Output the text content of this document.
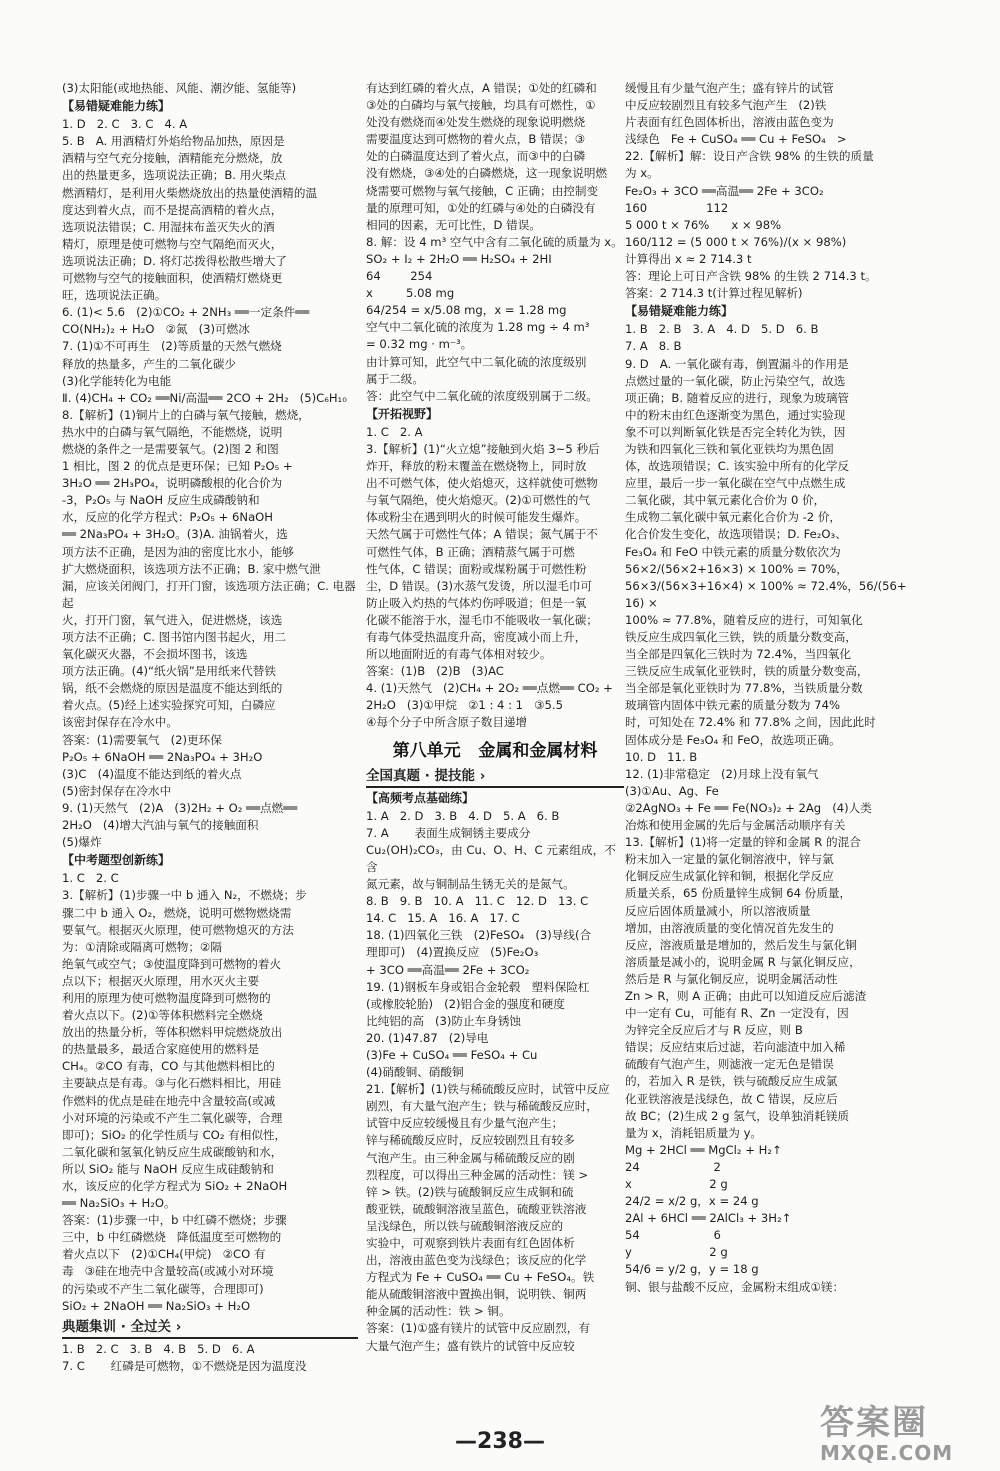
(3)太阳能(或地热能、风能、潮汐能、氢能等)
【易错疑难能力练】
1. D   2. C   3. C   4. A
5. B   A. 用酒精灯外焰给物品加热，原因是
酒精与空气充分接触，酒精能充分燃烧，放
出的热量更多，选项说法正确；B. 用火柴点
燃酒精灯，是利用火柴燃烧放出的热量使酒精的温
度达到着火点，而不是提高酒精的着火点，
选项说法错误；C. 用湿抹布盖灭失火的酒
精灯，原理是使可燃物与空气隔绝而灭火，
选项说法正确；D. 将灯芯拨得松散些增大了
可燃物与空气的接触面积，使酒精灯燃烧更
旺，选项说法正确。
6. (1)< 5.6   (2)①CO₂ + 2NH₃ ══一定条件══
CO(NH₂)₂ + H₂O   ②氮   (3)可燃冰
7. (1)①不可再生   (2)等质量的天然气燃烧
释放的热量多，产生的二氧化碳少
(3)化学能转化为电能
Ⅱ. (4)CH₄ + CO₂ ══Ni/高温══ 2CO + 2H₂   (5)C₆H₁₀
8.【解析】(1)铜片上的白磷与氧气接触，燃烧，
热水中的白磷与氧气隔绝，不能燃烧，说明
燃烧的条件之一是需要氧气。(2)图 2 和图
1 相比，图 2 的优点是更环保；已知 P₂O₅ +
3H₂O ══ 2H₃PO₄，说明磷酸根的化合价为
-3，P₂O₅ 与 NaOH 反应生成磷酸钠和
水，反应的化学方程式：P₂O₅ + 6NaOH
══ 2Na₃PO₄ + 3H₂O。(3)A. 油锅着火，选
项方法不正确，是因为油的密度比水小，能够
扩大燃烧面积，该选项方法不正确；B. 家中燃气泄
漏，应该关闭阀门，打开门窗，该选项方法正确；C. 电器起
火，打开门窗，氧气进入，促进燃烧，该选
项方法不正确；C. 图书馆内图书起火，用二
氧化碳灭火器，不会损坏图书，该选
项方法正确。(4)“纸火锅”是用纸来代替铁
锅，纸不会燃烧的原因是温度不能达到纸的
着火点。(5)经上述实验探究可知，白磷应
该密封保存在冷水中。
答案：(1)需要氧气   (2)更环保
P₂O₅ + 6NaOH ══ 2Na₃PO₄ + 3H₂O
(3)C   (4)温度不能达到纸的着火点
(5)密封保存在冷水中
9. (1)天然气   (2)A   (3)2H₂ + O₂ ══点燃══
2H₂O   (4)增大汽油与氧气的接触面积
(5)爆炸
【中考题型创新练】
1. C   2. C
3.【解析】(1)步骤一中 b 通入 N₂，不燃烧；步
骤二中 b 通入 O₂，燃烧，说明可燃物燃烧需
要氧气。根据灭火原理，使可燃物熄灭的方法
为：①清除或隔离可燃物；②隔
绝氧气或空气；③使温度降到可燃物的着火
点以下；根据灭火原理，用水灭火主要
利用的原理为使可燃物温度降到可燃物的
着火点以下。(2)①等体积燃料完全燃烧
放出的热量分析，等体积燃料甲烷燃烧放出
的热量最多，最适合家庭使用的燃料是
CH₄。②CO 有毒，CO 与其他燃料相比的
主要缺点是有毒。③与化石燃料相比，用硅
作燃料的优点是硅在地壳中含量较高(或减
小对环境的污染或不产生二氧化碳等，合理
即可)；SiO₂ 的化学性质与 CO₂ 有相似性，
二氧化碳和氢氧化钠反应生成碳酸钠和水，
所以 SiO₂ 能与 NaOH 反应生成硅酸钠和
水，该反应的化学方程式为 SiO₂ + 2NaOH
══ Na₂SiO₃ + H₂O。
答案：(1)步骤一中，b 中红磷不燃烧；步骤
三中，b 中红磷燃烧   降低温度至可燃物的
着火点以下   (2)①CH₄(甲烷)   ②CO 有
毒   ③硅在地壳中含量较高(或减小对环境
的污染或不产生二氧化碳等，合理即可)
SiO₂ + 2NaOH ══ Na₂SiO₃ + H₂O
典题集训 · 全过关 ›
1. B   2. C   3. B   4. B   5. D   6. A
7. C       红磷是可燃物，①不燃烧是因为温度没
有达到红磷的着火点，A 错误；①处的红磷和
③处的白磷均与氧气接触，均具有可燃性，①
处没有燃烧而④处发生燃烧的现象说明燃烧
需要温度达到可燃物的着火点，B 错误；③
处的白磷温度达到了着火点，而③中的白磷
没有燃烧，③④处的白磷燃烧，这一现象说明燃
烧需要可燃物与氧气接触，C 正确；由控制变
量的原理可知，①处的红磷与④处的白磷没有
相同的因素，无可比性，D 错误。
8. 解：设 4 m³ 空气中含有二氧化硫的质量为 x。
SO₂ + I₂ + 2H₂O ══ H₂SO₄ + 2HI
64        254
x         5.08 mg
64/254 = x/5.08 mg，x = 1.28 mg
空气中二氧化硫的浓度为 1.28 mg ÷ 4 m³
= 0.32 mg · m⁻³。
由计算可知，此空气中二氧化硫的浓度级别
属于二级。
答：此空气中二氧化硫的浓度级别属于二级。
【开拓视野】
1. C   2. A
3.【解析】(1)“火立熄”接触到火焰 3~5 秒后
炸开，释放的粉末覆盖在燃烧物上，同时放
出不可燃气体，使火焰熄灭，这样就使可燃物
与氧气隔绝，使火焰熄灭。(2)①可燃性的气
体或粉尘在遇到明火的时候可能发生爆炸。
天然气属于可燃性气体；A 错误；氮气属于不
可燃性气体，B 正确；酒精蒸气属于可燃
性气体，C 错误；面粉或煤粉属于可燃性粉
尘，D 错误。(3)水蒸气发烫，所以湿毛巾可
防止吸入灼热的气体灼伤呼吸道；但是一氧
化碳不能溶于水，湿毛巾不能吸收一氧化碳；
有毒气体受热温度升高，密度减小而上升，
所以地面附近的有毒气体相对较少。
答案：(1)B   (2)B   (3)AC
4. (1)天然气   (2)CH₄ + 2O₂ ══点燃══ CO₂ +
2H₂O   (3)①甲烷   ②1 : 4 : 1   ③5.5
④每个分子中所含原子数目递增
第八单元   金属和金属材料
全国真题 · 提技能 ›
【高频考点基础练】
1. A   2. D   3. B   4. D   5. A   6. B
7. A       表面生成铜锈主要成分
Cu₂(OH)₂CO₃，由 Cu、O、H、C 元素组成，不含
氮元素，故与铜制品生锈无关的是氮气。
8. B   9. B   10. A   11. C   12. D   13. C
14. C   15. A   16. A   17. C
18. (1)四氧化三铁   (2)FeSO₄   (3)导线(合
理即可)   (4)置换反应   (5)Fe₂O₃
+ 3CO ══高温══ 2Fe + 3CO₂
19. (1)钢板车身或铝合金轮毂   塑料保险杠
(或橡胶轮胎)   (2)铝合金的强度和硬度
比纯铝的高   (3)防止车身锈蚀
20. (1)47.87   (2)导电
(3)Fe + CuSO₄ ══ FeSO₄ + Cu
(4)硝酸铜、硝酸铜
21.【解析】(1)铁与稀硫酸反应时，试管中反应
剧烈，有大量气泡产生；铁与稀硫酸反应时，
试管中反应较缓慢且有少量气泡产生；
锌与稀硫酸反应时，反应较剧烈且有较多
气泡产生。由三种金属与稀硫酸反应的剧
烈程度，可以得出三种金属的活动性：镁 >
锌 > 铁。(2)铁与硫酸铜反应生成铜和硫
酸亚铁，硫酸铜溶液呈蓝色，硫酸亚铁溶液
呈浅绿色，所以铁与硫酸铜溶液反应的
实验中，可观察到铁片表面有红色固体析
出，溶液由蓝色变为浅绿色；该反应的化学
方程式为 Fe + CuSO₄ ══ Cu + FeSO₄。铁
能从硫酸铜溶液中置换出铜，说明铁、铜两
种金属的活动性：铁 > 铜。
答案：(1)①盛有镁片的试管中反应剧烈，有
大量气泡产生；盛有铁片的试管中反应较
缓慢且有少量气泡产生；盛有锌片的试管
中反应较剧烈且有较多气泡产生   (2)铁
片表面有红色固体析出，溶液由蓝色变为
浅绿色   Fe + CuSO₄ ══ Cu + FeSO₄   >
22.【解析】解：设日产含铁 98% 的生铁的质量
为 x。
Fe₂O₃ + 3CO ══高温══ 2Fe + 3CO₂
160                112
5 000 t × 76%      x × 98%
160/112 = (5 000 t × 76%)/(x × 98%)
计算得出 x ≈ 2 714.3 t
答：理论上可日产含铁 98% 的生铁 2 714.3 t。
答案：2 714.3 t(计算过程见解析)
【易错疑难能力练】
1. B   2. B   3. A   4. D   5. D   6. B
7. A   8. B
9. D   A. 一氧化碳有毒，倒置漏斗的作用是
点燃过量的一氧化碳，防止污染空气，故选
项正确；B. 随着反应的进行，现象为玻璃管
中的粉末由红色逐渐变为黑色，通过实验现
象不可以判断氧化铁是否完全转化为铁，因
为铁和四氧化三铁和氧化亚铁均为黑色固
体，故选项错误；C. 该实验中所有的化学反
应里，最后一步一氧化碳在空气中点燃生成
二氧化碳，其中氧元素化合价为 0 价，
生成物二氧化碳中氧元素化合价为 -2 价，
化合价发生变化，故选项错误；D. Fe₂O₃、
Fe₃O₄ 和 FeO 中铁元素的质量分数依次为
56×2/(56×2+16×3) × 100% = 70%，
56×3/(56×3+16×4) × 100% ≈ 72.4%，56/(56+16) ×
100% ≈ 77.8%，随着反应的进行，可知氧化
铁反应生成四氧化三铁，铁的质量分数变高，
当全部是四氧化三铁时为 72.4%，当四氧化
三铁反应生成氧化亚铁时，铁的质量分数变高，
当全部是氧化亚铁时为 77.8%，当铁质量分数
玻璃管内固体中铁元素的质量分数为 74%
时，可知处在 72.4% 和 77.8% 之间，因此此时
固体成分是 Fe₃O₄ 和 FeO，故选项正确。
10. D   11. B
12. (1)非常稳定   (2)月球上没有氧气
(3)①Au、Ag、Fe
②2AgNO₃ + Fe ══ Fe(NO₃)₂ + 2Ag   (4)人类
冶炼和使用金属的先后与金属活动顺序有关
13.【解析】(1)将一定量的锌和金属 R 的混合
粉末加入一定量的氯化铜溶液中，锌与氯
化铜反应生成氯化锌和铜，根据化学反应
质量关系，65 份质量锌生成铜 64 份质量，
反应后固体质量减小，所以溶液质量
增加，由溶液质量的变化情况首先发生的
反应，溶液质量是增加的，然后发生与氯化铜
溶质量是减小的，说明金属 R 与氯化铜反应，
然后是 R 与氯化铜反应，说明金属活动性
Zn > R，则 A 正确；由此可以知道反应后滤渣
中一定有 Cu，可能有 R、Zn 一定没有，因
为锌完全反应后才与 R 反应，则 B
错误；反应结束后过滤，若向滤渣中加入稀
硫酸有气泡产生，则滤液一定无色是错误
的，若加入 R 是铁，铁与硫酸反应生成氯
化亚铁溶液是浅绿色，故 C 错误，反应后
故 BC；(2)生成 2 g 氢气，设单独消耗镁质
量为 x，消耗铝质量为 y。
Mg + 2HCl ══ MgCl₂ + H₂↑
24                    2
x                     2 g
24/2 = x/2 g，x = 24 g
2Al + 6HCl ══ 2AlCl₃ + 3H₂↑
54                    6
y                     2 g
54/6 = y/2 g，y = 18 g
铜、银与盐酸不反应，金属粉末组成①镁：
—238—	答案圈
MXQE.COM
